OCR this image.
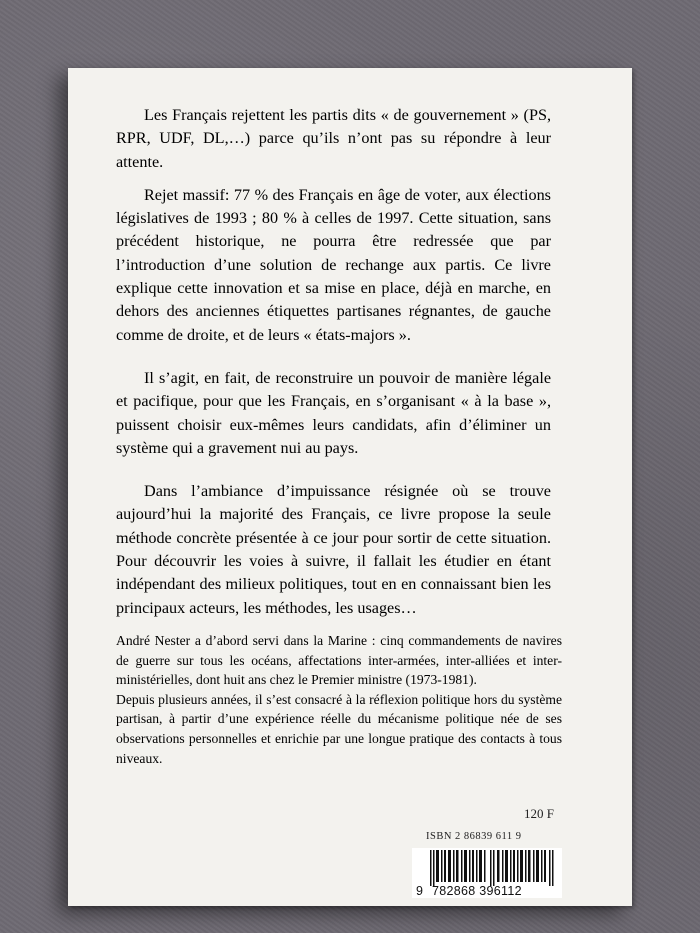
Les Français rejettent les partis dits « de gouvernement » (PS, RPR, UDF, DL,…) parce qu’ils n’ont pas su répondre à leur attente.

Rejet massif: 77 % des Français en âge de voter, aux élections législatives de 1993 ; 80 % à celles de 1997. Cette situation, sans précédent historique, ne pourra être redressée que par l’introduction d’une solution de rechange aux partis. Ce livre explique cette innovation et sa mise en place, déjà en marche, en dehors des anciennes étiquettes partisanes régnantes, de gauche comme de droite, et de leurs « états-majors ».

Il s’agit, en fait, de reconstruire un pouvoir de manière légale et pacifique, pour que les Français, en s’organisant « à la base », puissent choisir eux-mêmes leurs candidats, afin d’éliminer un système qui a gravement nui au pays.

Dans l’ambiance d’impuissance résignée où se trouve aujourd’hui la majorité des Français, ce livre propose la seule méthode concrète présentée à ce jour pour sortir de cette situation. Pour découvrir les voies à suivre, il fallait les étudier en étant indépendant des milieux politiques, tout en en connaissant bien les principaux acteurs, les méthodes, les usages…

André Nester a d’abord servi dans la Marine : cinq commandements de navires de guerre sur tous les océans, affectations inter-armées, inter-alliées et inter-ministérielles, dont huit ans chez le Premier ministre (1973-1981).

Depuis plusieurs années, il s’est consacré à la réflexion politique hors du système partisan, à partir d’une expérience réelle du mécanisme politique née de ses observations personnelles et enrichie par une longue pratique des contacts à tous niveaux.

120 F
ISBN 2 86839 611 9
9 782868 396112
